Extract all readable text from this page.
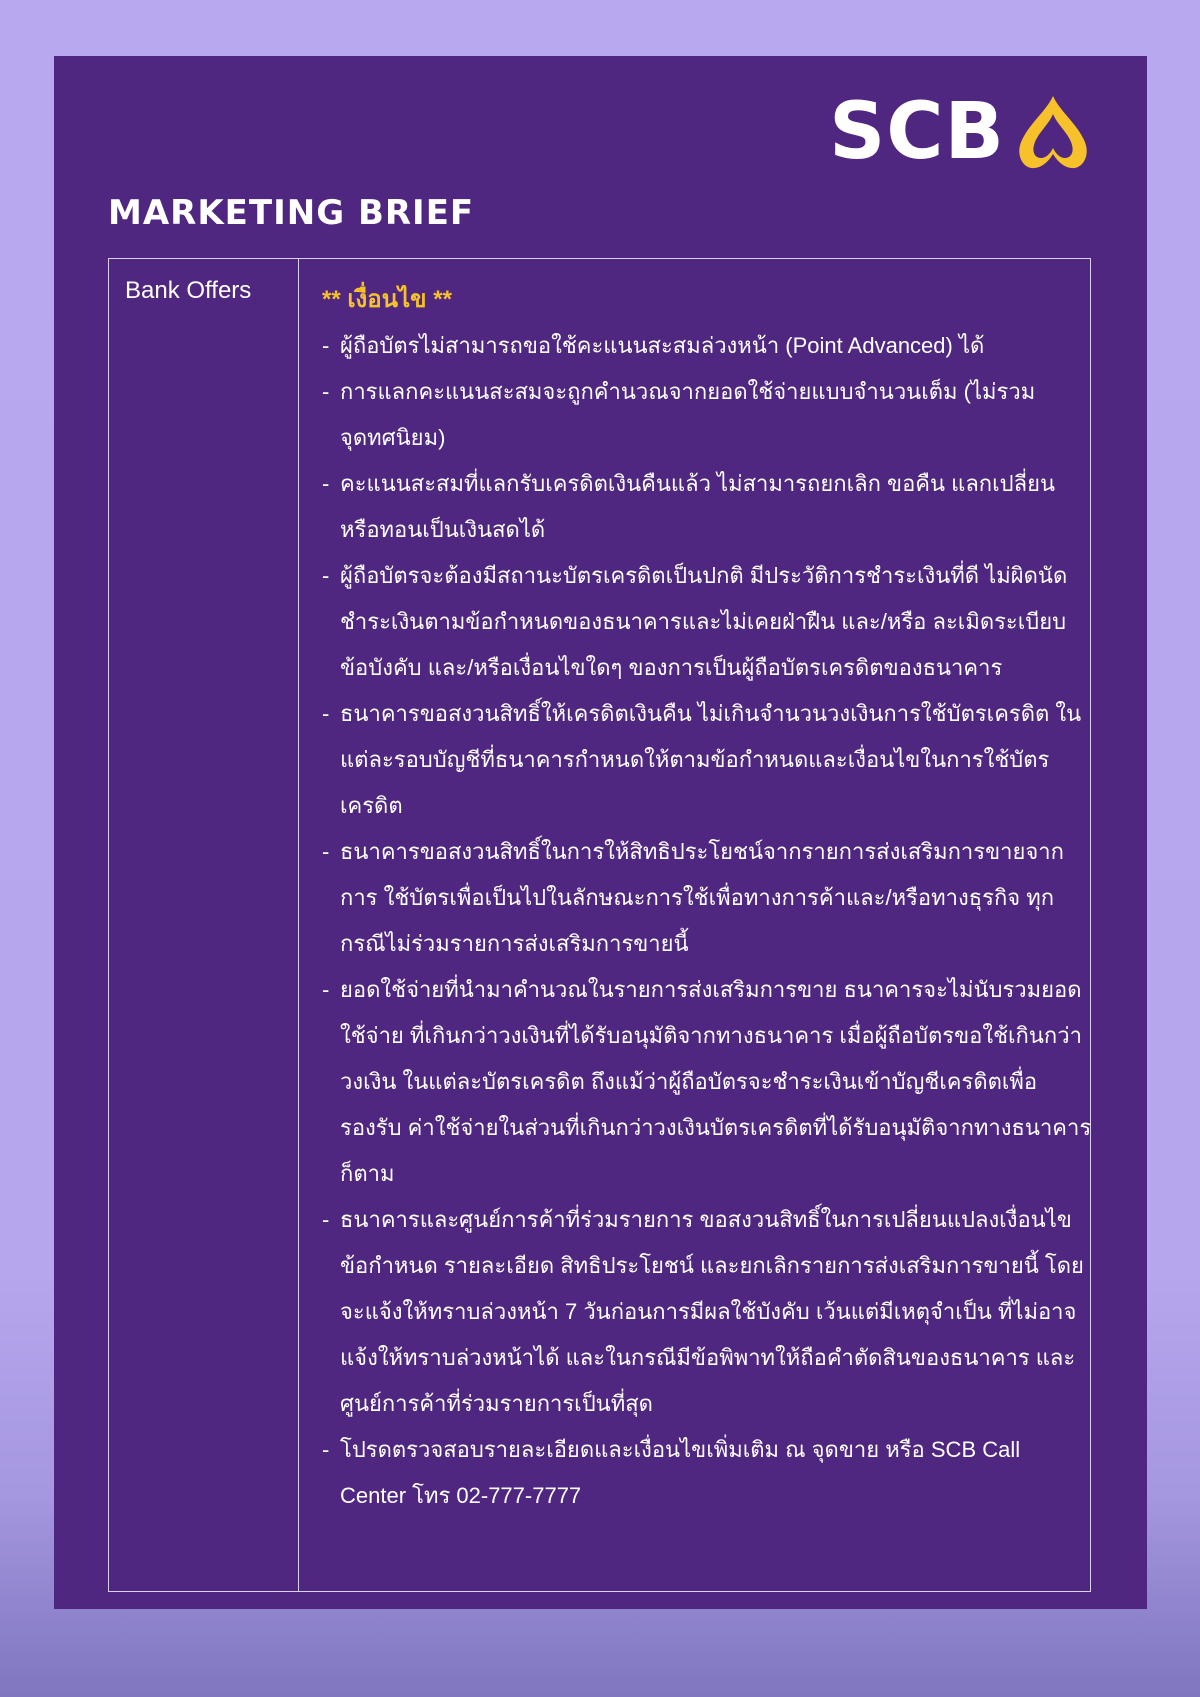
SCB
MARKETING BRIEF
Bank Offers	** เงื่อนไข **
- ผู้ถือบัตรไม่สามารถขอใช้คะแนนสะสมล่วงหน้า (Point Advanced) ได้
- การแลกคะแนนสะสมจะถูกคำนวณจากยอดใช้จ่ายแบบจำนวนเต็ม (ไม่รวมจุดทศนิยม)
- คะแนนสะสมที่แลกรับเครดิตเงินคืนแล้ว ไม่สามารถยกเลิก ขอคืน แลกเปลี่ยน หรือทอนเป็นเงินสดได้
- ผู้ถือบัตรจะต้องมีสถานะบัตรเครดิตเป็นปกติ มีประวัติการชำระเงินที่ดี ไม่ผิดนัดชำระเงินตามข้อกำหนดของธนาคารและไม่เคยฝ่าฝืน และ/หรือ ละเมิดระเบียบข้อบังคับ และ/หรือเงื่อนไขใดๆ ของการเป็นผู้ถือบัตรเครดิตของธนาคาร
- ธนาคารขอสงวนสิทธิ์ให้เครดิตเงินคืน ไม่เกินจำนวนวงเงินการใช้บัตรเครดิต ในแต่ละรอบบัญชีที่ธนาคารกำหนดให้ตามข้อกำหนดและเงื่อนไขในการใช้บัตรเครดิต
- ธนาคารขอสงวนสิทธิ์ในการให้สิทธิประโยชน์จากรายการส่งเสริมการขายจากการ ใช้บัตรเพื่อเป็นไปในลักษณะการใช้เพื่อทางการค้าและ/หรือทางธุรกิจ ทุกกรณีไม่ร่วมรายการส่งเสริมการขายนี้
- ยอดใช้จ่ายที่นำมาคำนวณในรายการส่งเสริมการขาย ธนาคารจะไม่นับรวมยอดใช้จ่าย ที่เกินกว่าวงเงินที่ได้รับอนุมัติจากทางธนาคาร เมื่อผู้ถือบัตรขอใช้เกินกว่าวงเงิน ในแต่ละบัตรเครดิต ถึงแม้ว่าผู้ถือบัตรจะชำระเงินเข้าบัญชีเครดิตเพื่อรองรับ ค่าใช้จ่ายในส่วนที่เกินกว่าวงเงินบัตรเครดิตที่ได้รับอนุมัติจากทางธนาคารก็ตาม
- ธนาคารและศูนย์การค้าที่ร่วมรายการ ขอสงวนสิทธิ์ในการเปลี่ยนแปลงเงื่อนไข ข้อกำหนด รายละเอียด สิทธิประโยชน์ และยกเลิกรายการส่งเสริมการขายนี้ โดยจะแจ้งให้ทราบล่วงหน้า 7 วันก่อนการมีผลใช้บังคับ เว้นแต่มีเหตุจำเป็น ที่ไม่อาจแจ้งให้ทราบล่วงหน้าได้ และในกรณีมีข้อพิพาทให้ถือคำตัดสินของธนาคาร และศูนย์การค้าที่ร่วมรายการเป็นที่สุด
- โปรดตรวจสอบรายละเอียดและเงื่อนไขเพิ่มเติม ณ จุดขาย หรือ SCB Call Center โทร 02-777-7777
